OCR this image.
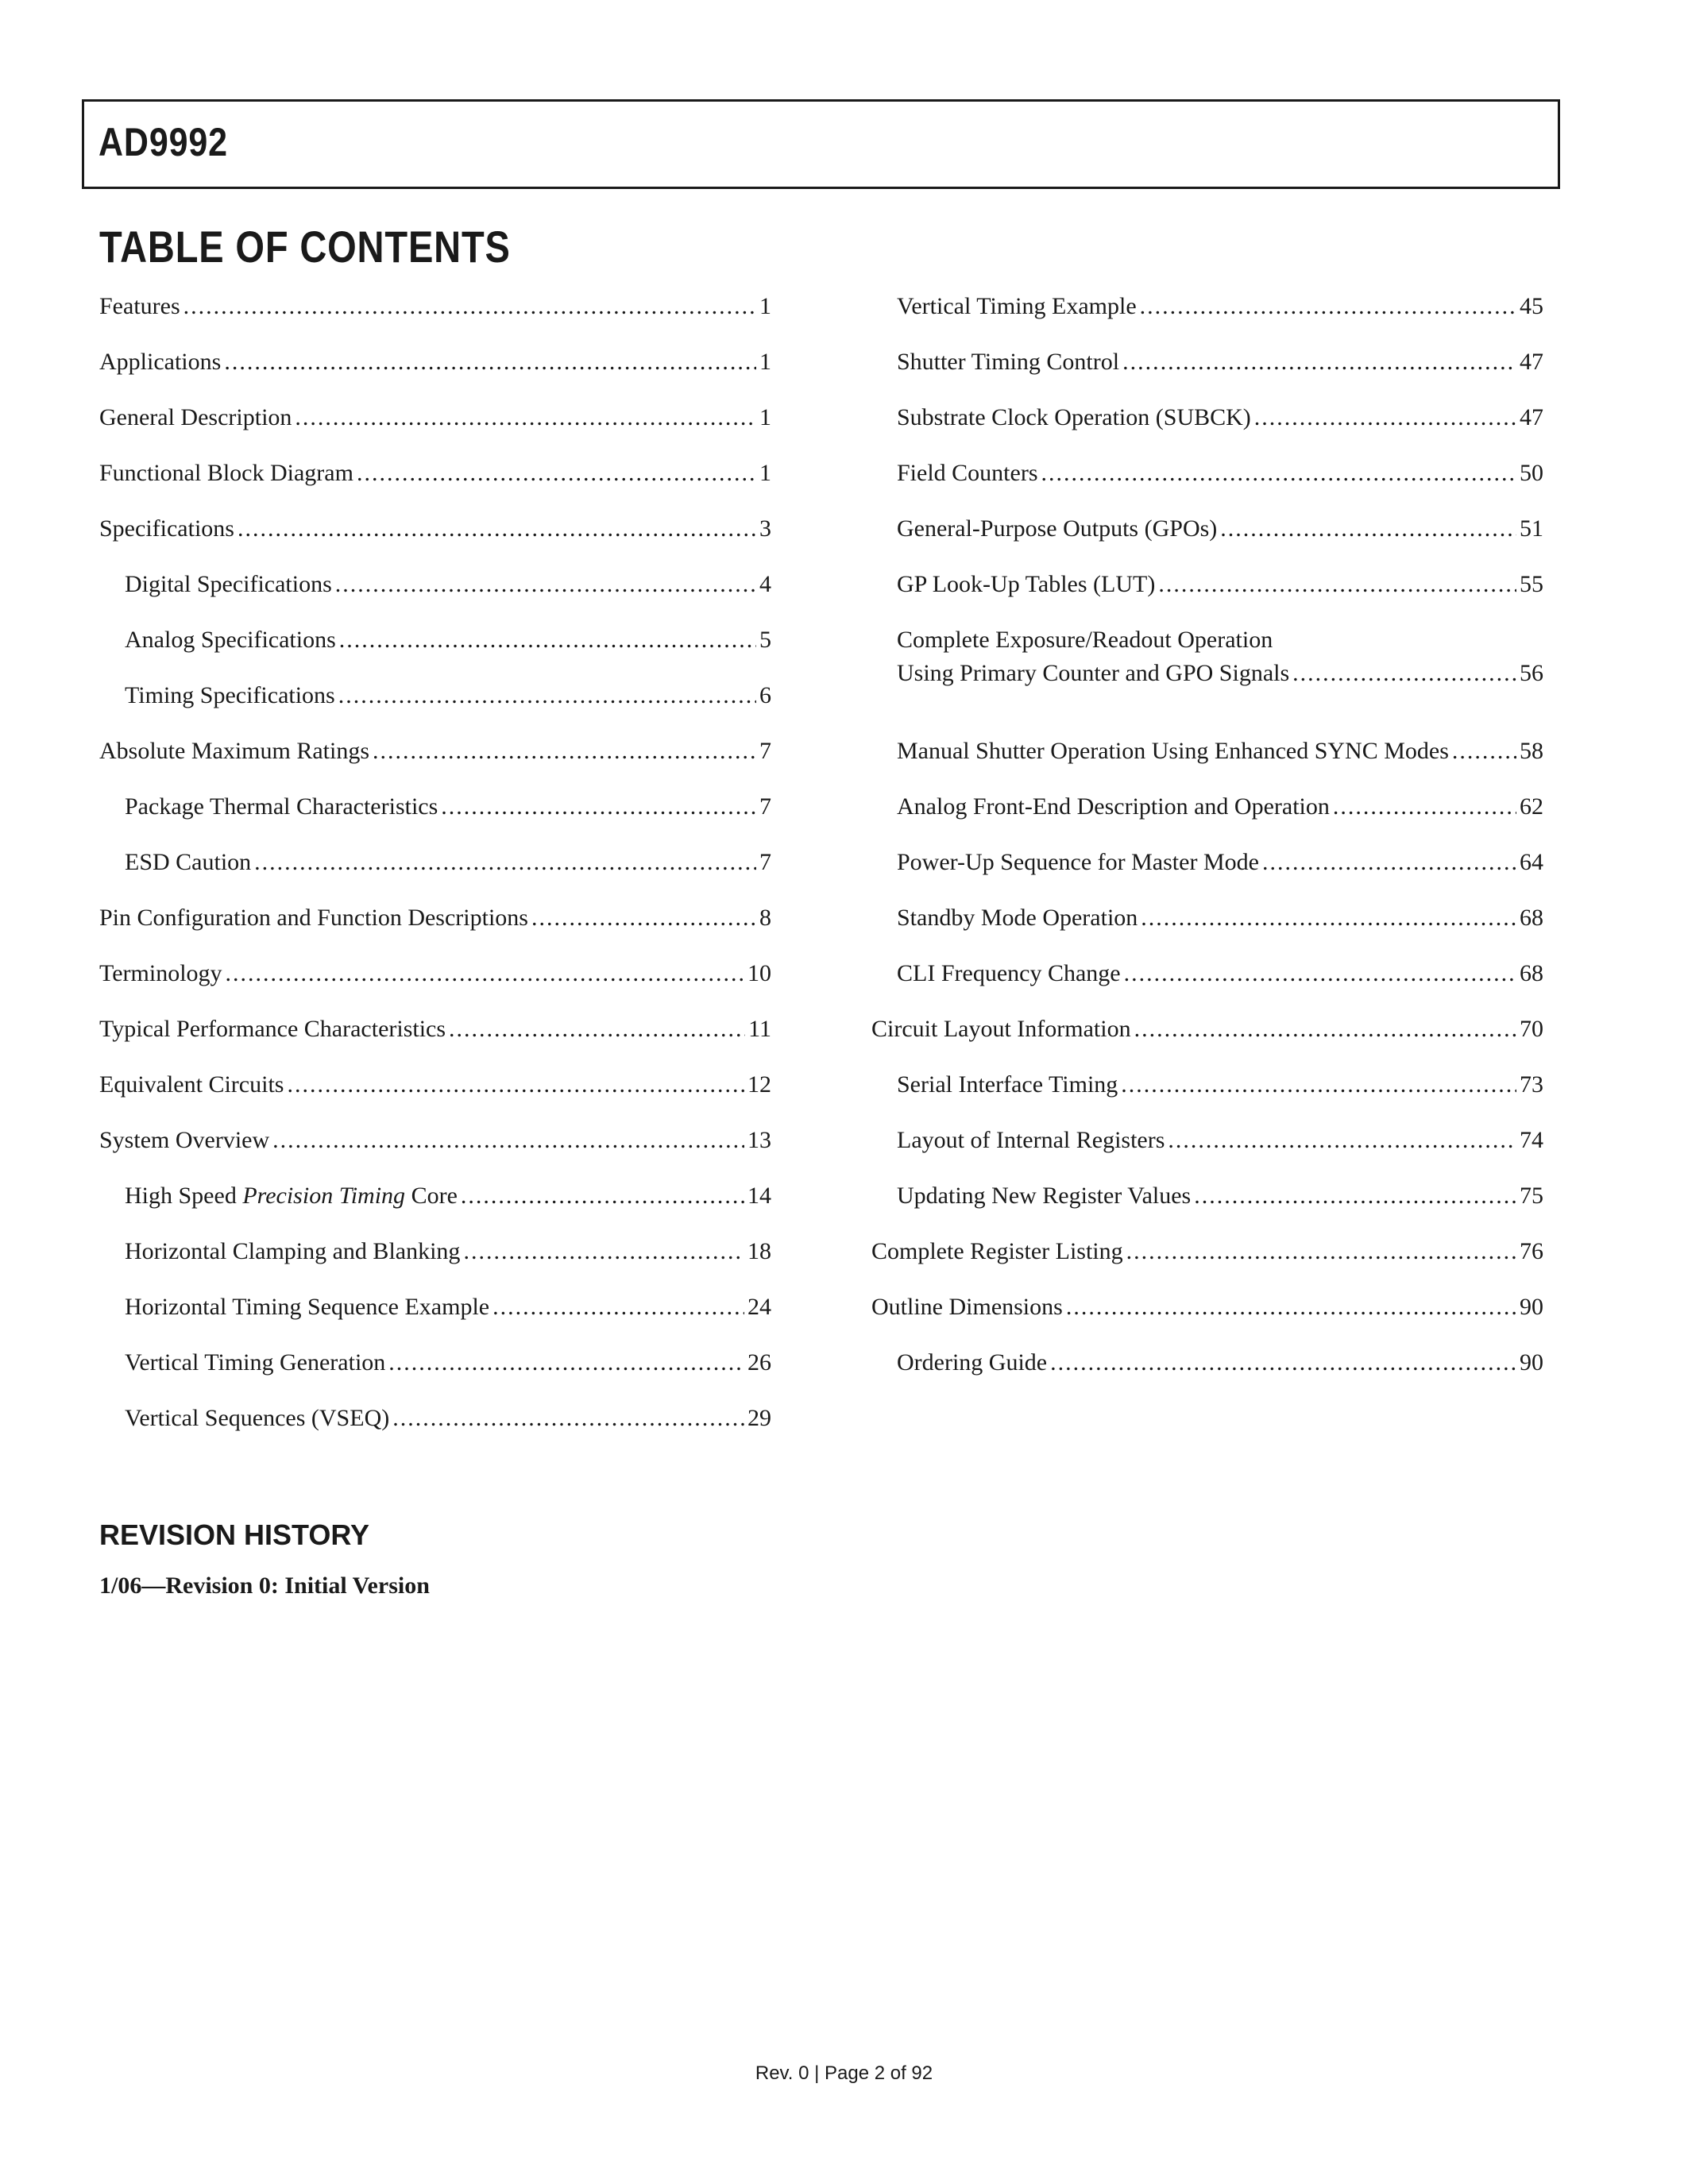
AD9992
TABLE OF CONTENTS
Features .....	1
Applications .....	1
General Description .....	1
Functional Block Diagram .....	1
Specifications .....	3
Digital Specifications .....	4
Analog Specifications .....	5
Timing Specifications .....	6
Absolute Maximum Ratings .....	7
Package Thermal Characteristics .....	7
ESD Caution .....	7
Pin Configuration and Function Descriptions .....	8
Terminology .....	10
Typical Performance Characteristics .....	11
Equivalent Circuits .....	12
System Overview .....	13
High Speed Precision Timing Core .....	14
Horizontal Clamping and Blanking .....	18
Horizontal Timing Sequence Example .....	24
Vertical Timing Generation .....	26
Vertical Sequences (VSEQ) .....	29
Vertical Timing Example .....	45
Shutter Timing Control .....	47
Substrate Clock Operation (SUBCK) .....	47
Field Counters .....	50
General-Purpose Outputs (GPOs) .....	51
GP Look-Up Tables (LUT) .....	55
Complete Exposure/Readout Operation
Using Primary Counter and GPO Signals .....	56
Manual Shutter Operation Using Enhanced SYNC Modes .....	58
Analog Front-End Description and Operation .....	62
Power-Up Sequence for Master Mode .....	64
Standby Mode Operation .....	68
CLI Frequency Change .....	68
Circuit Layout Information .....	70
Serial Interface Timing .....	73
Layout of Internal Registers .....	74
Updating New Register Values .....	75
Complete Register Listing .....	76
Outline Dimensions .....	90
Ordering Guide .....	90
REVISION HISTORY

1/06—Revision 0: Initial Version

Rev. 0 | Page 2 of 92
